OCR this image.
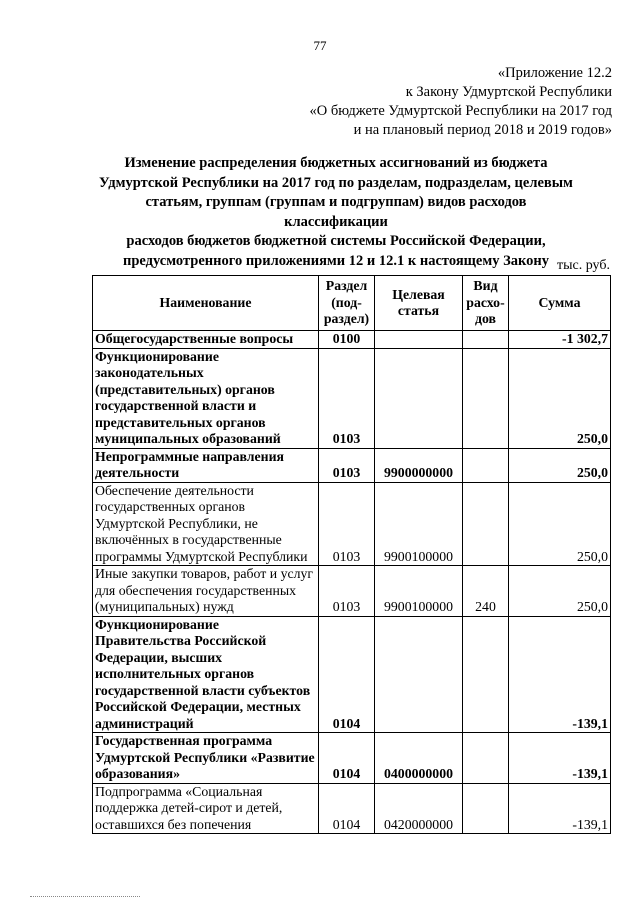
77
«Приложение 12.2
к Закону Удмуртской Республики
«О бюджете Удмуртской Республики на 2017 год
и на плановый период 2018 и 2019 годов»
Изменение распределения бюджетных ассигнований из бюджета
Удмуртской Республики на 2017 год по разделам, подразделам, целевым
статьям, группам (группам и подгруппам) видов расходов классификации
расходов бюджетов бюджетной системы Российской Федерации,
предусмотренного приложениями 12 и 12.1 к настоящему Закону тыс. руб.
Наименование	Раздел (под-раздел)	Целевая статья	Вид расхо-дов	Сумма
Общегосударственные вопросы	0100			-1 302,7
Функционирование законодательных (представительных) органов государственной власти и представительных органов муниципальных образований	0103			250,0
Непрограммные направления деятельности	0103	9900000000		250,0
Обеспечение деятельности государственных органов Удмуртской Республики, не включённых в государственные программы Удмуртской Республики	0103	9900100000		250,0
Иные закупки товаров, работ и услуг для обеспечения государственных (муниципальных) нужд	0103	9900100000	240	250,0
Функционирование Правительства Российской Федерации, высших исполнительных органов государственной власти субъектов Российской Федерации, местных администраций	0104			-139,1
Государственная программа Удмуртской Республики «Развитие образования»	0104	0400000000		-139,1
Подпрограмма «Социальная поддержка детей-сирот и детей, оставшихся без попечения	0104	0420000000		-139,1
